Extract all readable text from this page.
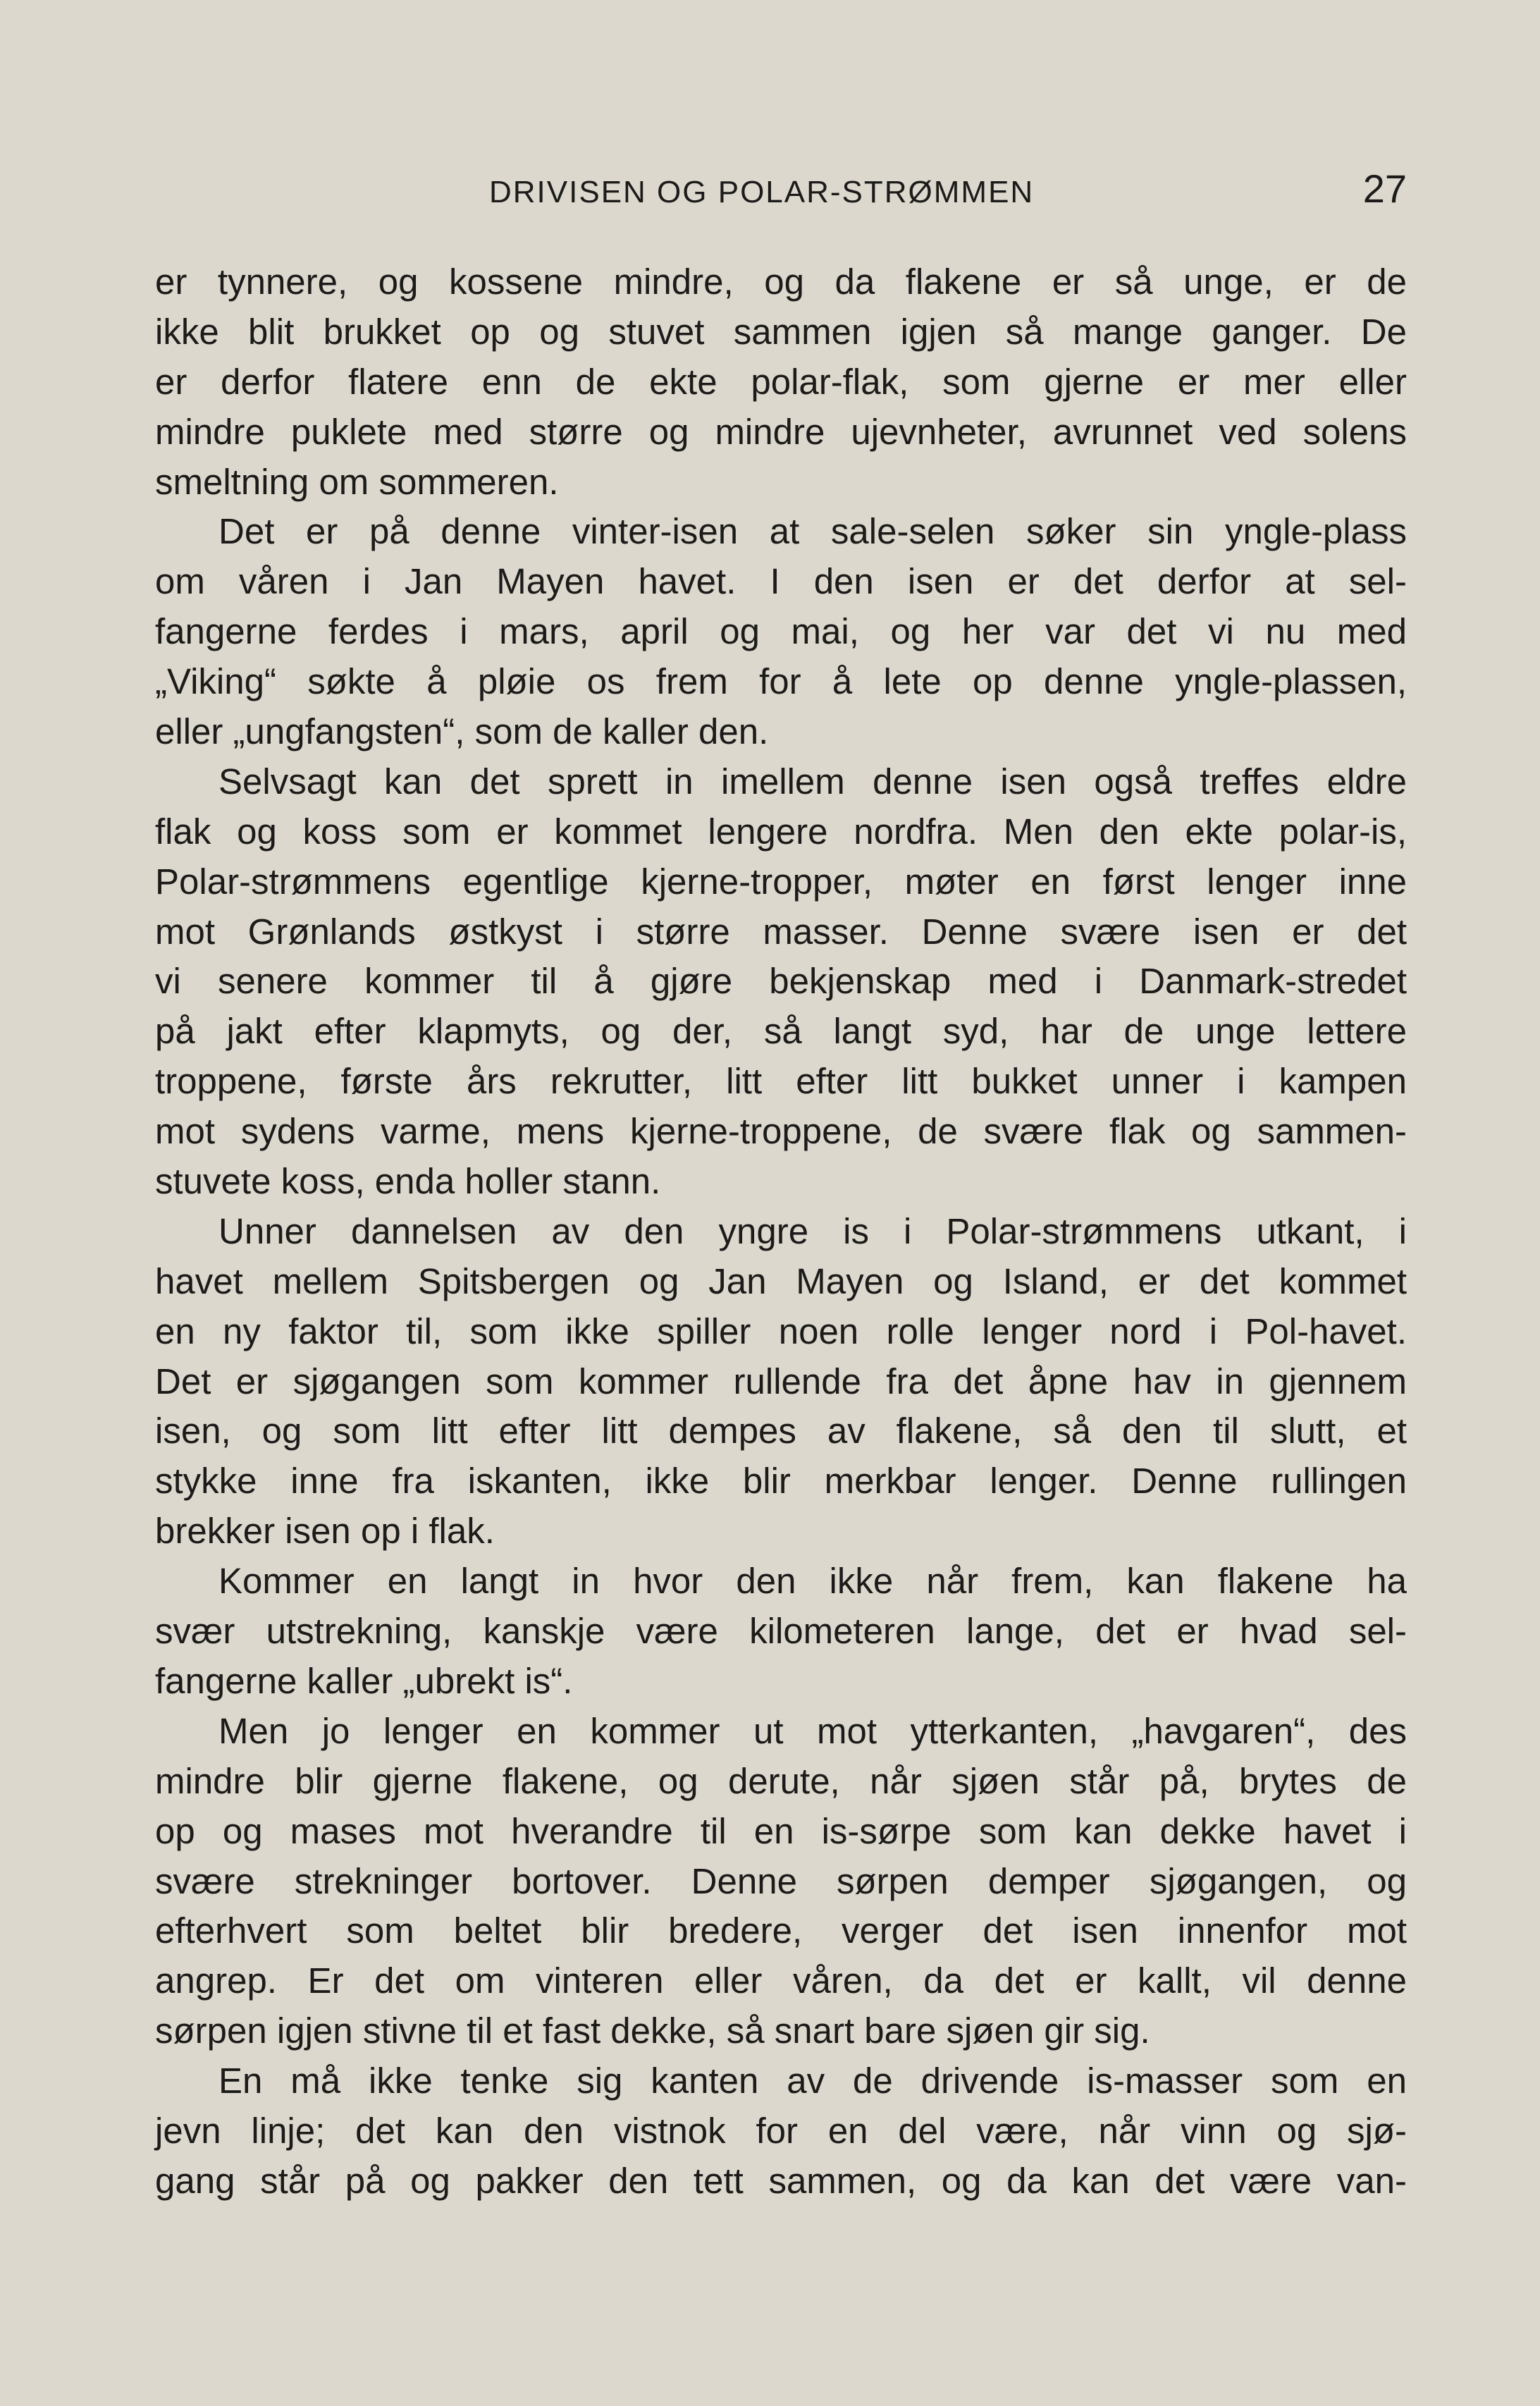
DRIVISEN OG POLAR-STRØMMEN	27
er tynnere, og kossene mindre, og da flakene er så unge, er de
ikke blit brukket op og stuvet sammen igjen så mange ganger. De
er derfor flatere enn de ekte polar-flak, som gjerne er mer eller
mindre puklete med større og mindre ujevnheter, avrunnet ved solens
smeltning om sommeren.
Det er på denne vinter-isen at sale-selen søker sin yngle-plass
om våren i Jan Mayen havet. I den isen er det derfor at sel-
fangerne ferdes i mars, april og mai, og her var det vi nu med
„Viking“ søkte å pløie os frem for å lete op denne yngle-plassen,
eller „ungfangsten“, som de kaller den.
Selvsagt kan det sprett in imellem denne isen også treffes eldre
flak og koss som er kommet lengere nordfra. Men den ekte polar-is,
Polar-strømmens egentlige kjerne-tropper, møter en først lenger inne
mot Grønlands østkyst i større masser. Denne svære isen er det
vi senere kommer til å gjøre bekjenskap med i Danmark-stredet
på jakt efter klapmyts, og der, så langt syd, har de unge lettere
troppene, første års rekrutter, litt efter litt bukket unner i kampen
mot sydens varme, mens kjerne-troppene, de svære flak og sammen-
stuvete koss, enda holler stann.
Unner dannelsen av den yngre is i Polar-strømmens utkant, i
havet mellem Spitsbergen og Jan Mayen og Island, er det kommet
en ny faktor til, som ikke spiller noen rolle lenger nord i Pol-havet.
Det er sjøgangen som kommer rullende fra det åpne hav in gjennem
isen, og som litt efter litt dempes av flakene, så den til slutt, et
stykke inne fra iskanten, ikke blir merkbar lenger. Denne rullingen
brekker isen op i flak.
Kommer en langt in hvor den ikke når frem, kan flakene ha
svær utstrekning, kanskje være kilometeren lange, det er hvad sel-
fangerne kaller „ubrekt is“.
Men jo lenger en kommer ut mot ytterkanten, „havgaren“, des
mindre blir gjerne flakene, og derute, når sjøen står på, brytes de
op og mases mot hverandre til en is-sørpe som kan dekke havet i
svære strekninger bortover. Denne sørpen demper sjøgangen, og
efterhvert som beltet blir bredere, verger det isen innenfor mot
angrep. Er det om vinteren eller våren, da det er kallt, vil denne
sørpen igjen stivne til et fast dekke, så snart bare sjøen gir sig.
En må ikke tenke sig kanten av de drivende is-masser som en
jevn linje; det kan den vistnok for en del være, når vinn og sjø-
gang står på og pakker den tett sammen, og da kan det være van-
